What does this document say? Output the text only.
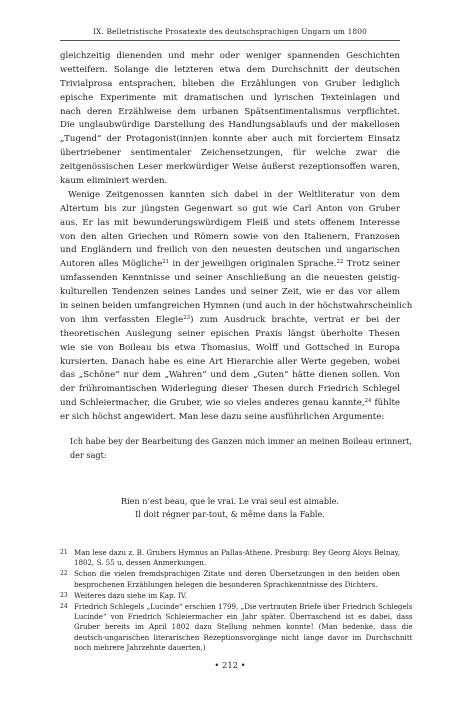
IX. Belletristische Prosatexte des deutschsprachigen Ungarn um 1800
gleichzeitig dienenden und mehr oder weniger spannenden Geschichten
wetteifern. Solange die letzteren etwa dem Durchschnitt der deutschen
Trivialprosa entsprachen, blieben die Erzählungen von Gruber lediglich
epische Experimente mit dramatischen und lyrischen Texteinlagen und
nach deren Erzählweise dem urbanen Spätsentimentalismus verpflichtet.
Die unglaubwürdige Darstellung des Handlungsablaufs und der makellosen
„Tugend“ der Protagonist(inn)en konnte aber auch mit forciertem Einsatz
übertriebener sentimentaler Zeichensetzungen, für welche zwar die
zeitgenössischen Leser merkwürdiger Weise äußerst rezeptionsoffen waren,
kaum eliminiert werden.
Wenige Zeitgenossen kannten sich dabei in der Weltliteratur von dem
Altertum bis zur jüngsten Gegenwart so gut wie Carl Anton von Gruber
aus. Er las mit bewunderungswürdigem Fleiß und stets offenem Interesse
von den alten Griechen und Römern sowie von den Italienern, Franzosen
und Engländern und freilich von den neuesten deutschen und ungarischen
Autoren alles Mögliche$^{21}$ in der jeweiligen originalen Sprache.$^{22}$ Trotz seiner
umfassenden Kenntnisse und seiner Anschließung an die neuesten geistig-
kulturellen Tendenzen seines Landes und seiner Zeit, wie er das vor allem
in seinen beiden umfangreichen Hymnen (und auch in der höchstwahrscheinlich
von ihm verfassten Elegie$^{23}$) zum Ausdruck brachte, vertrat er bei der
theoretischen Auslegung seiner epischen Praxis längst überholte Thesen
wie sie von Boileau bis etwa Thomasius, Wolff und Gottsched in Europa
kursierten. Danach habe es eine Art Hierarchie aller Werte gegeben, wobei
das „Schöne“ nur dem „Wahren“ und dem „Guten“ hätte dienen sollen. Von
der frühromantischen Widerlegung dieser Thesen durch Friedrich Schlegel
und Schleiermacher, die Gruber, wie so vieles anderes genau kannte,$^{24}$ fühlte
er sich höchst angewidert. Man lese dazu seine ausführlichen Argumente:
Ich habe bey der Bearbeitung des Ganzen mich immer an meinen Boileau erinnert,
der sagt:
Rien n’est beau, que le vrai. Le vrai seul est aimable.
Il doit régner par-tout, & même dans la Fable.
21 Man lese dazu z. B. Grubers Hymnus an Pallas-Athene. Presburg: Bey Georg Aloys Belnay,
1802, S. 55 u. dessen Anmerkungen.
22 Schon die vielen fremdsprachigen Zitate und deren Übersetzungen in den beiden oben
besprochenen Erzählungen belegen die besonderen Sprachkenntnisse des Dichters.
23 Weiteres dazu siehe im Kap. IV.
24 Friedrich Schlegels „Lucinde“ erschien 1799, „Die vertrauten Briefe über Friedrich Schlegels
Lucinde“ von Friedrich Schleiermacher ein Jahr später. Überraschend ist es dabei, dass
Gruber bereits im April 1802 dazu Stellung nehmen konnte! (Man bedenke, dass die
deutsch-ungarischen literarischen Rezeptionsvorgänge nicht lange davor im Durchschnitt
noch mehrere Jahrzehnte dauerten.)
• 212 •
